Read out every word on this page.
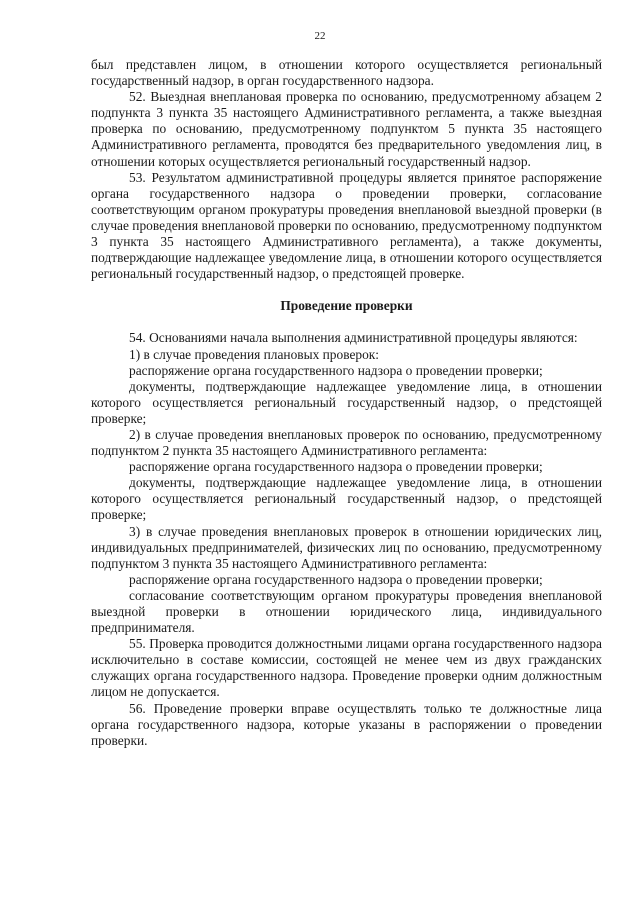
22

был представлен лицом, в отношении которого осуществляется региональный государственный надзор, в орган государственного надзора.

52. Выездная внеплановая проверка по основанию, предусмотренному абзацем 2 подпункта 3 пункта 35 настоящего Административного регламента, а также выездная проверка по основанию, предусмотренному подпунктом 5 пункта 35 настоящего Административного регламента, проводятся без предварительного уведомления лиц, в отношении которых осуществляется региональный государственный надзор.

53. Результатом административной процедуры является принятое распоряжение органа государственного надзора о проведении проверки, согласование соответствующим органом прокуратуры проведения внеплановой выездной проверки (в случае проведения внеплановой проверки по основанию, предусмотренному подпунктом 3 пункта 35 настоящего Административного регламента), а также документы, подтверждающие надлежащее уведомление лица, в отношении которого осуществляется региональный государственный надзор, о предстоящей проверке.

Проведение проверки

54. Основаниями начала выполнения административной процедуры являются:

1) в случае проведения плановых проверок:

распоряжение органа государственного надзора о проведении проверки;

документы, подтверждающие надлежащее уведомление лица, в отношении которого осуществляется региональный государственный надзор, о предстоящей проверке;

2) в случае проведения внеплановых проверок по основанию, предусмотренному подпунктом 2 пункта 35 настоящего Административного регламента:

распоряжение органа государственного надзора о проведении проверки;

документы, подтверждающие надлежащее уведомление лица, в отношении которого осуществляется региональный государственный надзор, о предстоящей проверке;

3) в случае проведения внеплановых проверок в отношении юридических лиц, индивидуальных предпринимателей, физических лиц по основанию, предусмотренному подпунктом 3 пункта 35 настоящего Административного регламента:

распоряжение органа государственного надзора о проведении проверки;

согласование соответствующим органом прокуратуры проведения внеплановой выездной проверки в отношении юридического лица, индивидуального предпринимателя.

55. Проверка проводится должностными лицами органа государственного надзора исключительно в составе комиссии, состоящей не менее чем из двух гражданских служащих органа государственного надзора. Проведение проверки одним должностным лицом не допускается.

56. Проведение проверки вправе осуществлять только те должностные лица органа государственного надзора, которые указаны в распоряжении о проведении проверки.
